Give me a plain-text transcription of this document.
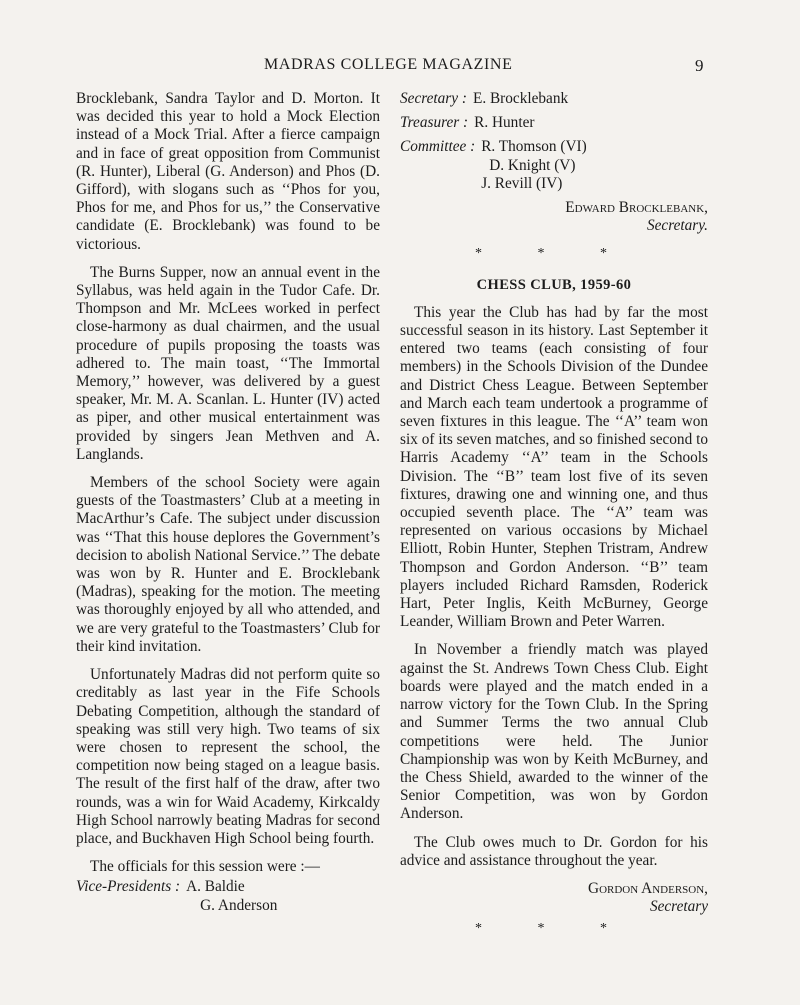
MADRAS COLLEGE MAGAZINE	9

Brocklebank, Sandra Taylor and D. Morton. It was decided this year to hold a Mock Election instead of a Mock Trial. After a fierce campaign and in face of great opposition from Communist (R. Hunter), Liberal (G. Anderson) and Phos (D. Gifford), with slogans such as ‘‘Phos for you, Phos for me, and Phos for us,’’ the Conservative candidate (E. Brocklebank) was found to be victorious.

The Burns Supper, now an annual event in the Syllabus, was held again in the Tudor Cafe. Dr. Thompson and Mr. McLees worked in perfect close-harmony as dual chairmen, and the usual procedure of pupils proposing the toasts was adhered to. The main toast, ‘‘The Immortal Memory,’’ however, was delivered by a guest speaker, Mr. M. A. Scanlan. L. Hunter (IV) acted as piper, and other musical entertainment was provided by singers Jean Methven and A. Langlands.

Members of the school Society were again guests of the Toastmasters’ Club at a meeting in MacArthur’s Cafe. The subject under discussion was ‘‘That this house deplores the Government’s decision to abolish National Service.’’ The debate was won by R. Hunter and E. Brocklebank (Madras), speaking for the motion. The meeting was thoroughly enjoyed by all who attended, and we are very grateful to the Toastmasters’ Club for their kind invitation.

Unfortunately Madras did not perform quite so creditably as last year in the Fife Schools Debating Competition, although the standard of speaking was still very high. Two teams of six were chosen to represent the school, the competition now being staged on a league basis. The result of the first half of the draw, after two rounds, was a win for Waid Academy, Kirkcaldy High School narrowly beating Madras for second place, and Buckhaven High School being fourth.

The officials for this session were :—

Vice-Presidents : A. Baldie
G. Anderson
Secretary : E. Brocklebank
Treasurer : R. Hunter
Committee : R. Thomson (VI)
D. Knight (V)
J. Revill (IV)
Edward Brocklebank,
Secretary.
* * *
CHESS CLUB, 1959-60

This year the Club has had by far the most successful season in its history. Last September it entered two teams (each consisting of four members) in the Schools Division of the Dundee and District Chess League. Between September and March each team undertook a programme of seven fixtures in this league. The ‘‘A’’ team won six of its seven matches, and so finished second to Harris Academy ‘‘A’’ team in the Schools Division. The ‘‘B’’ team lost five of its seven fixtures, drawing one and winning one, and thus occupied seventh place. The ‘‘A’’ team was represented on various occasions by Michael Elliott, Robin Hunter, Stephen Tristram, Andrew Thompson and Gordon Anderson. ‘‘B’’ team players included Richard Ramsden, Roderick Hart, Peter Inglis, Keith McBurney, George Leander, William Brown and Peter Warren.

In November a friendly match was played against the St. Andrews Town Chess Club. Eight boards were played and the match ended in a narrow victory for the Town Club. In the Spring and Summer Terms the two annual Club competitions were held. The Junior Championship was won by Keith McBurney, and the Chess Shield, awarded to the winner of the Senior Competition, was won by Gordon Anderson.

The Club owes much to Dr. Gordon for his advice and assistance throughout the year.

Gordon Anderson,
Secretary
* * *
